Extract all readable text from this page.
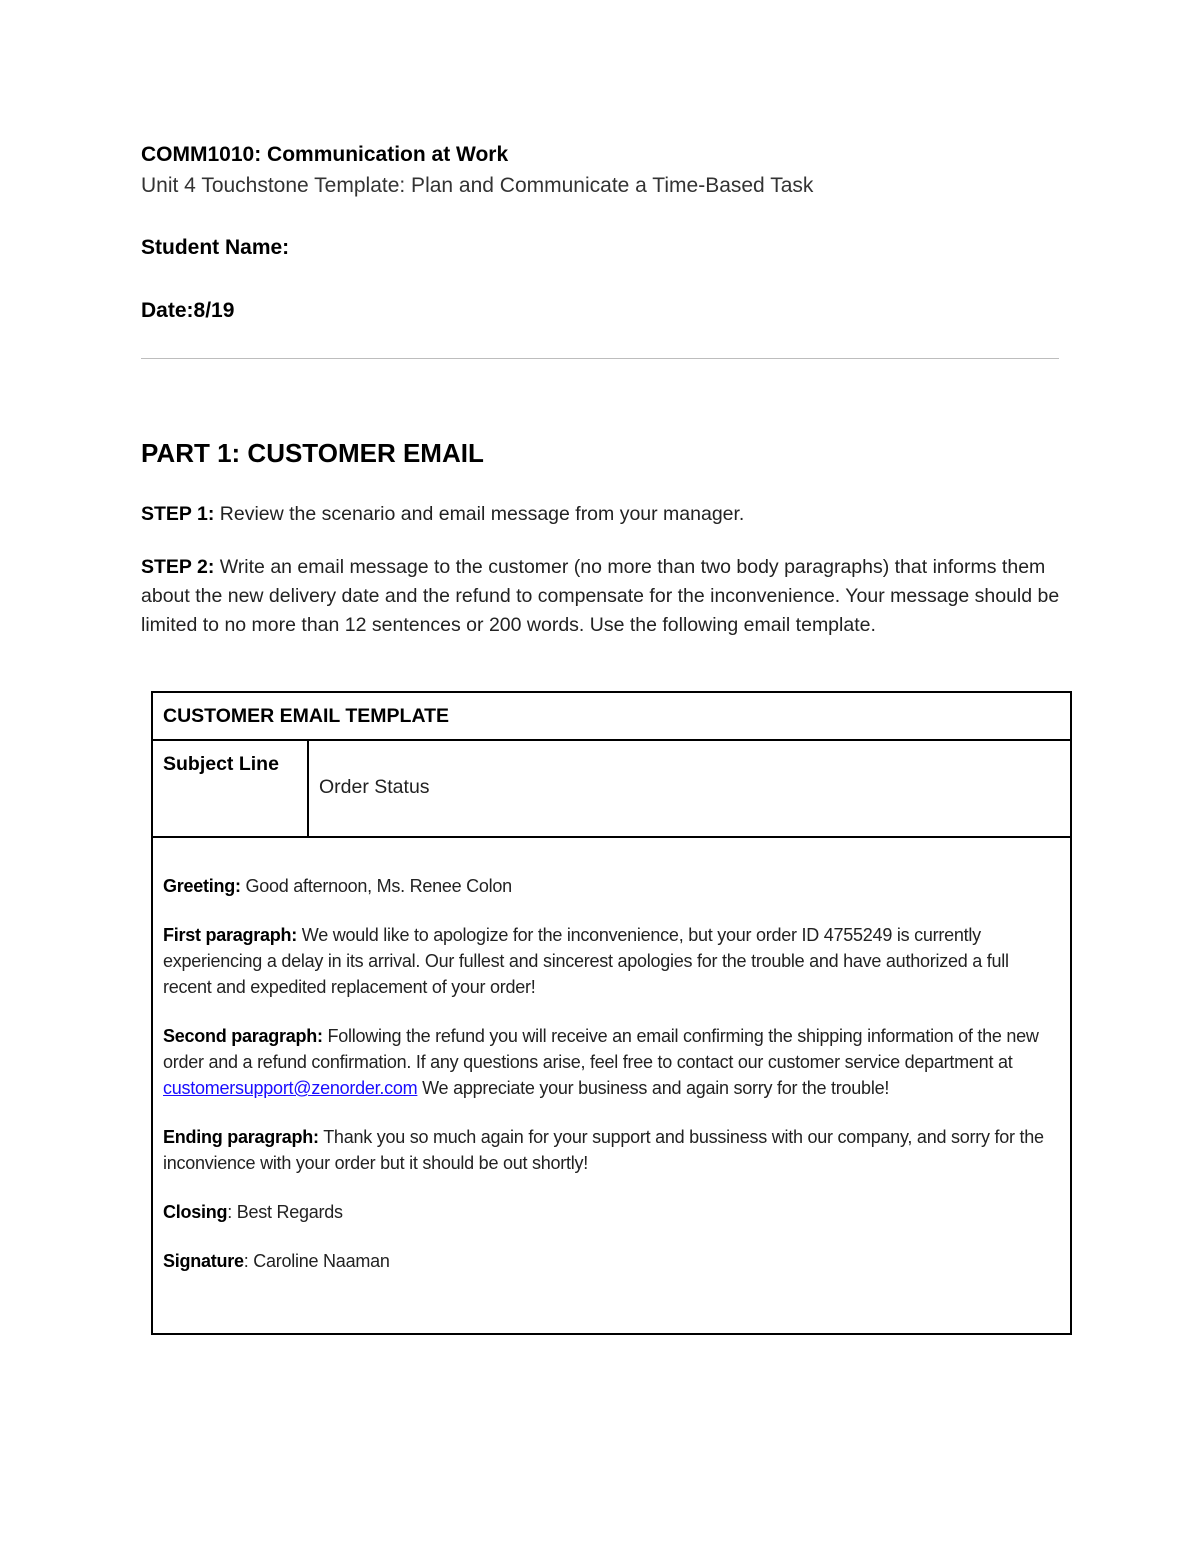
COMM1010: Communication at Work

Unit 4 Touchstone Template: Plan and Communicate a Time-Based Task

Student Name:

Date:8/19

PART 1: CUSTOMER EMAIL

STEP 1: Review the scenario and email message from your manager.

STEP 2: Write an email message to the customer (no more than two body paragraphs) that informs them about the new delivery date and the refund to compensate for the inconvenience. Your message should be limited to no more than 12 sentences or 200 words. Use the following email template.

CUSTOMER EMAIL TEMPLATE
Subject Line
Order Status

Greeting: Good afternoon, Ms. Renee Colon

First paragraph: We would like to apologize for the inconvenience, but your order ID 4755249 is currently experiencing a delay in its arrival. Our fullest and sincerest apologies for the trouble and have authorized a full recent and expedited replacement of your order!

Second paragraph: Following the refund you will receive an email confirming the shipping information of the new order and a refund confirmation. If any questions arise, feel free to contact our customer service department at customersupport@zenorder.com We appreciate your business and again sorry for the trouble!

Ending paragraph: Thank you so much again for your support and bussiness with our company, and sorry for the inconvience with your order but it should be out shortly!

Closing: Best Regards

Signature: Caroline Naaman
